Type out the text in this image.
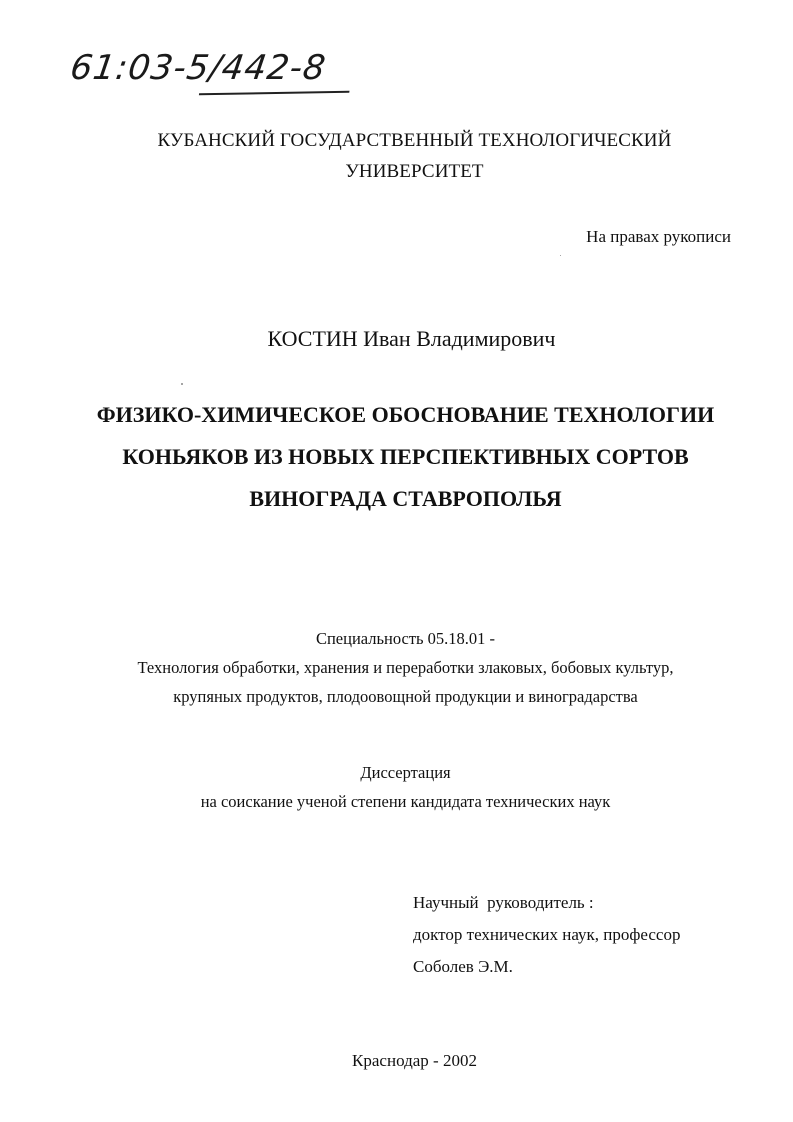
61:03-5/442-8
КУБАНСКИЙ ГОСУДАРСТВЕННЫЙ ТЕХНОЛОГИЧЕСКИЙ
УНИВЕРСИТЕТ
На правах рукописи
КОСТИН Иван Владимирович
ФИЗИКО-ХИМИЧЕСКОЕ ОБОСНОВАНИЕ ТЕХНОЛОГИИ
КОНЬЯКОВ ИЗ НОВЫХ ПЕРСПЕКТИВНЫХ СОРТОВ
ВИНОГРАДА СТАВРОПОЛЬЯ
Специальность 05.18.01 -
Технология обработки, хранения и переработки злаковых, бобовых культур,
крупяных продуктов, плодоовощной продукции и виноградарства
Диссертация
на соискание ученой степени кандидата технических наук
Научный  руководитель :
доктор технических наук, профессор
Соболев Э.М.
Краснодар - 2002
